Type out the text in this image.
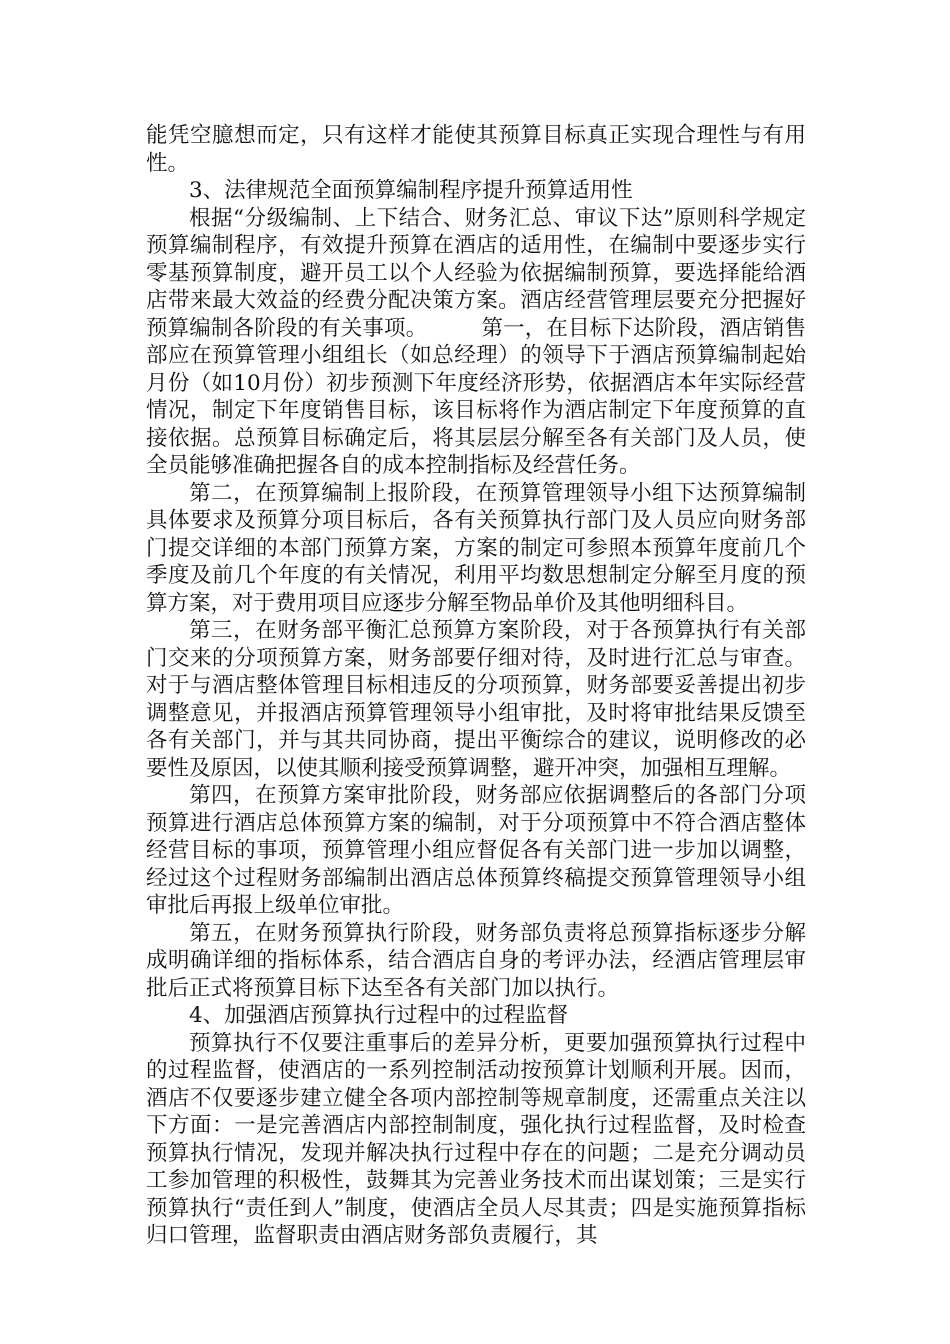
能凭空臆想而定，只有这样才能使其预算目标真正实现合理性与有用性。

3、法律规范全面预算编制程序提升预算适用性

根据“分级编制、上下结合、财务汇总、审议下达”原则科学规定预算编制程序，有效提升预算在酒店的适用性，在编制中要逐步实行零基预算制度，避开员工以个人经验为依据编制预算，要选择能给酒店带来最大效益的经费分配决策方案。酒店经营管理层要充分把握好预算编制各阶段的有关事项。　　　第一，在目标下达阶段，酒店销售部应在预算管理小组组长（如总经理）的领导下于酒店预算编制起始月份（如10月份）初步预测下年度经济形势，依据酒店本年实际经营情况，制定下年度销售目标，该目标将作为酒店制定下年度预算的直接依据。总预算目标确定后，将其层层分解至各有关部门及人员，使全员能够准确把握各自的成本控制指标及经营任务。

第二，在预算编制上报阶段，在预算管理领导小组下达预算编制具体要求及预算分项目标后，各有关预算执行部门及人员应向财务部门提交详细的本部门预算方案，方案的制定可参照本预算年度前几个季度及前几个年度的有关情况，利用平均数思想制定分解至月度的预算方案，对于费用项目应逐步分解至物品单价及其他明细科目。

第三，在财务部平衡汇总预算方案阶段，对于各预算执行有关部门交来的分项预算方案，财务部要仔细对待，及时进行汇总与审查。对于与酒店整体管理目标相违反的分项预算，财务部要妥善提出初步调整意见，并报酒店预算管理领导小组审批，及时将审批结果反馈至各有关部门，并与其共同协商，提出平衡综合的建议，说明修改的必要性及原因，以使其顺利接受预算调整，避开冲突，加强相互理解。

第四，在预算方案审批阶段，财务部应依据调整后的各部门分项预算进行酒店总体预算方案的编制，对于分项预算中不符合酒店整体经营目标的事项，预算管理小组应督促各有关部门进一步加以调整，经过这个过程财务部编制出酒店总体预算终稿提交预算管理领导小组审批后再报上级单位审批。

第五，在财务预算执行阶段，财务部负责将总预算指标逐步分解成明确详细的指标体系，结合酒店自身的考评办法，经酒店管理层审批后正式将预算目标下达至各有关部门加以执行。

4、加强酒店预算执行过程中的过程监督

预算执行不仅要注重事后的差异分析，更要加强预算执行过程中的过程监督，使酒店的一系列控制活动按预算计划顺利开展。因而，酒店不仅要逐步建立健全各项内部控制等规章制度，还需重点关注以下方面：一是完善酒店内部控制制度，强化执行过程监督，及时检查预算执行情况，发现并解决执行过程中存在的问题；二是充分调动员工参加管理的积极性，鼓舞其为完善业务技术而出谋划策；三是实行预算执行“责任到人”制度，使酒店全员人尽其责；四是实施预算指标归口管理，监督职责由酒店财务部负责履行，其
